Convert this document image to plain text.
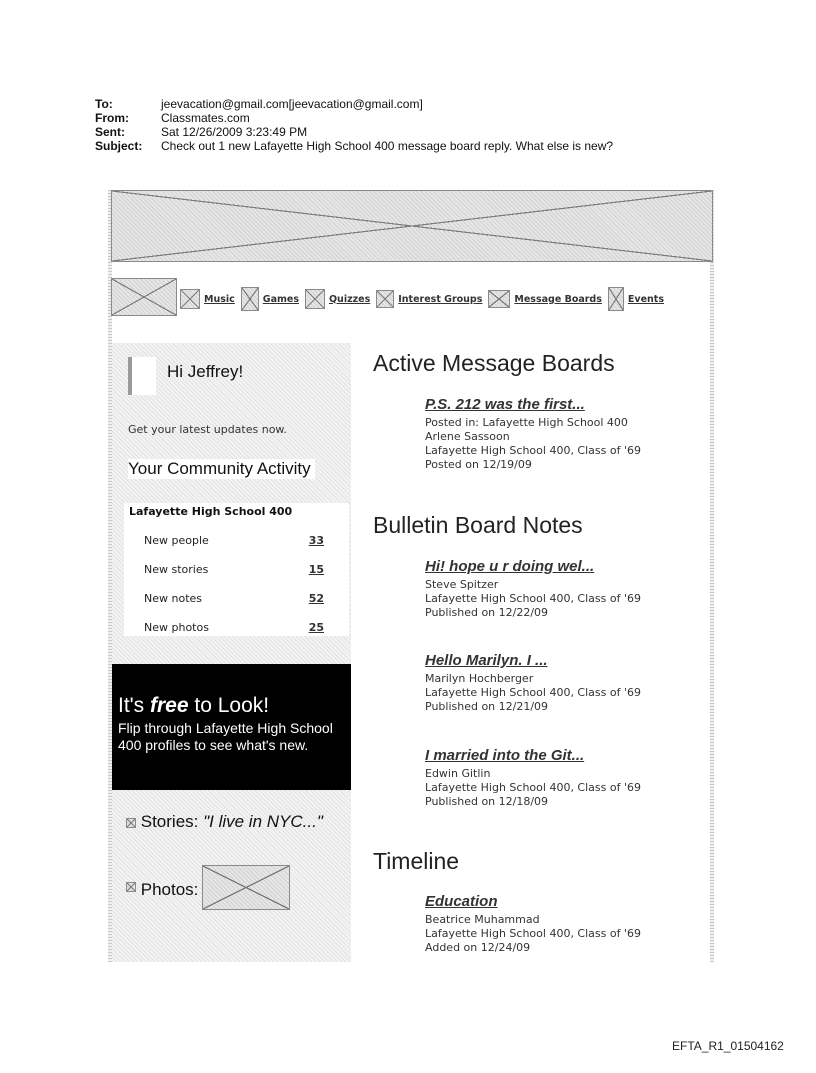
To:	jeevacation@gmail.com[jeevacation@gmail.com]
From:	Classmates.com
Sent:	Sat 12/26/2009 3:23:49 PM
Subject:	Check out 1 new Lafayette High School 400 message board reply. What else is new?
Music	Games	Quizzes	Interest Groups	Message Boards	Events
Hi Jeffrey!
Get your latest updates now.
Your Community Activity
Lafayette High School 400
New people	33
New stories	15
New notes	52
New photos	25
It's free to Look!
Flip through Lafayette High School 400 profiles to see what's new.
Stories: "I live in NYC..."
Photos:
Active Message Boards
P.S. 212 was the first...
Posted in: Lafayette High School 400
Arlene Sassoon
Lafayette High School 400, Class of '69
Posted on 12/19/09
Bulletin Board Notes
Hi! hope u r doing wel...
Steve Spitzer
Lafayette High School 400, Class of '69
Published on 12/22/09
Hello Marilyn. I ...
Marilyn Hochberger
Lafayette High School 400, Class of '69
Published on 12/21/09
I married into the Git...
Edwin Gitlin
Lafayette High School 400, Class of '69
Published on 12/18/09
Timeline
Education
Beatrice Muhammad
Lafayette High School 400, Class of '69
Added on 12/24/09
EFTA_R1_01504162
